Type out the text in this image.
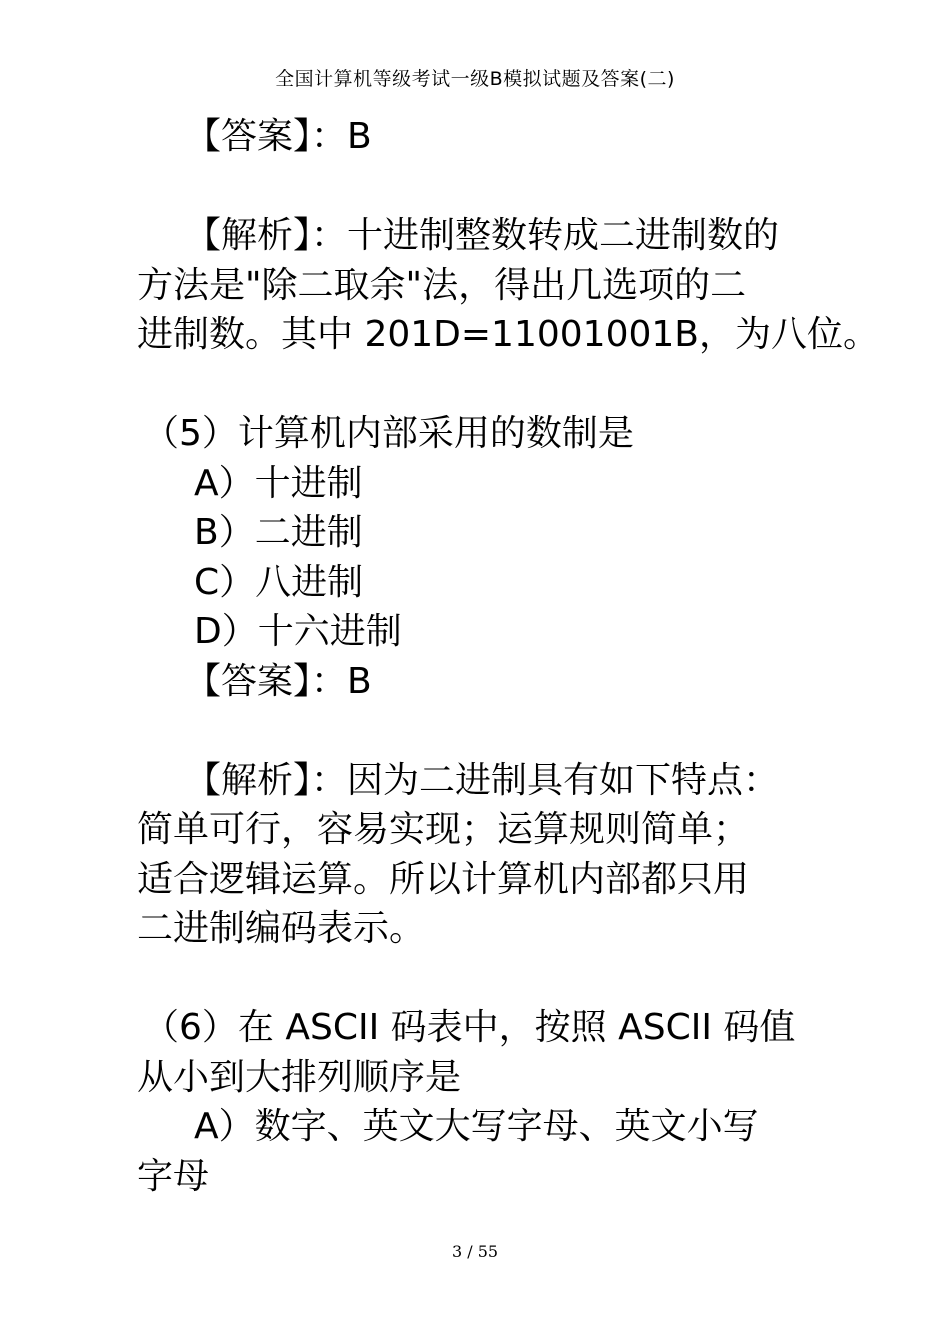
全国计算机等级考试一级B模拟试题及答案(二)
【答案】：B
【解析】：十进制整数转成二进制数的
方法是"除二取余"法，得出几选项的二
进制数。其中 201D=11001001B，为八位。
（5）计算机内部采用的数制是
A）十进制
B）二进制
C）八进制
D）十六进制
【答案】：B
【解析】：因为二进制具有如下特点：
简单可行，容易实现；运算规则简单；
适合逻辑运算。所以计算机内部都只用
二进制编码表示。
（6）在 ASCII 码表中，按照 ASCII 码值
从小到大排列顺序是
A）数字、英文大写字母、英文小写
字母
3 / 55
